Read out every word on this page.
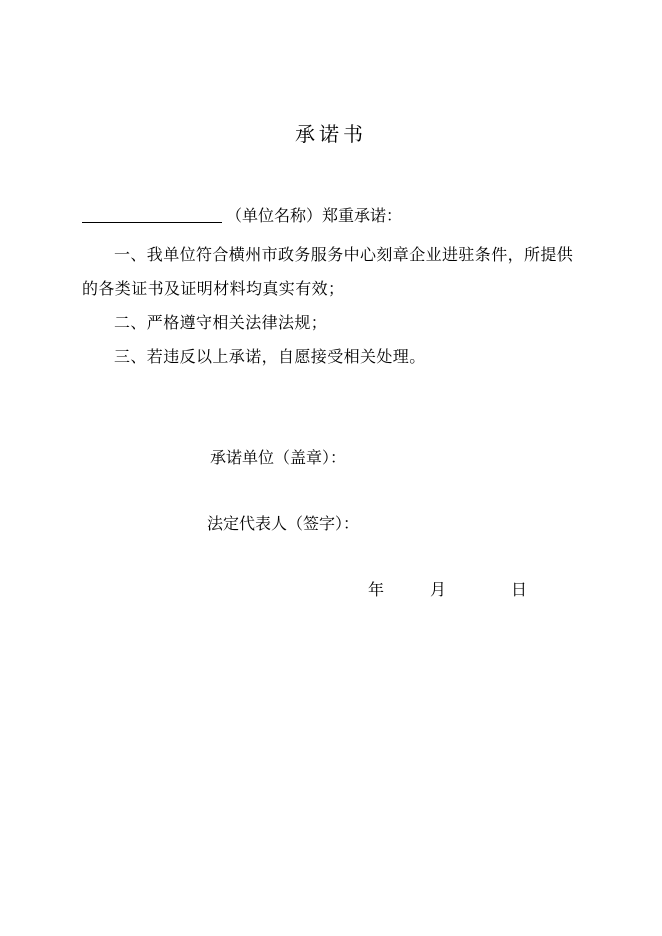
承诺书
（单位名称）郑重承诺：

一、我单位符合横州市政务服务中心刻章企业进驻条件，所提供的各类证书及证明材料均真实有效；

二、严格遵守相关法律法规；

三、若违反以上承诺，自愿接受相关处理。

承诺单位（盖章）：
法定代表人（签字）：
年	月	日
